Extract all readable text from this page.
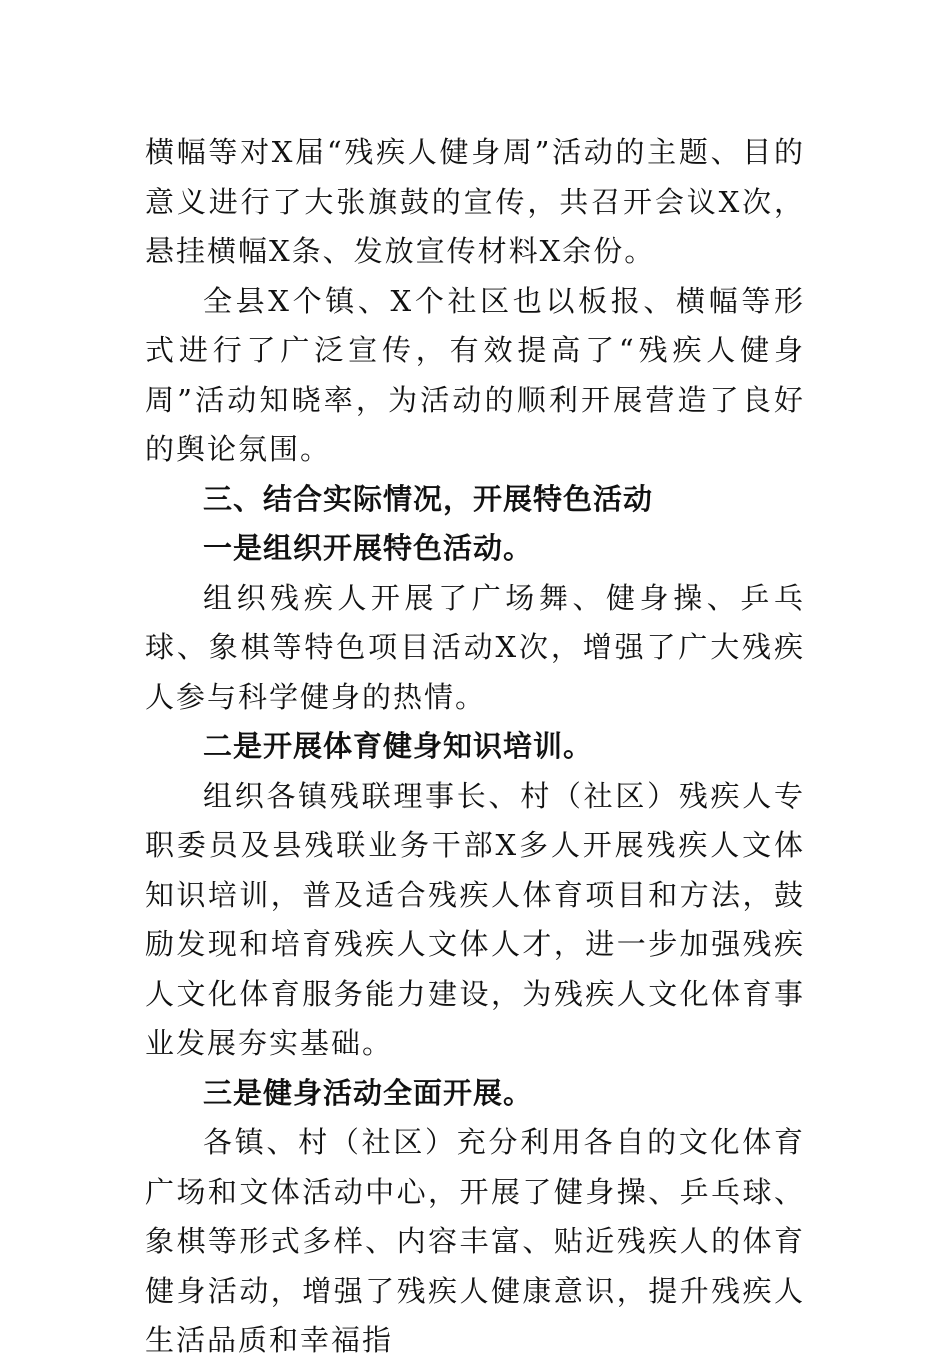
横幅等对X届“残疾人健身周”活动的主题、目的意义进行了大张旗鼓的宣传，共召开会议X次，悬挂横幅X条、发放宣传材料X余份。

全县X个镇、X个社区也以板报、横幅等形式进行了广泛宣传，有效提高了“残疾人健身周”活动知晓率，为活动的顺利开展营造了良好的舆论氛围。

三、结合实际情况，开展特色活动

一是组织开展特色活动。

组织残疾人开展了广场舞、健身操、乒乓球、象棋等特色项目活动X次，增强了广大残疾人参与科学健身的热情。

二是开展体育健身知识培训。

组织各镇残联理事长、村（社区）残疾人专职委员及县残联业务干部X多人开展残疾人文体知识培训，普及适合残疾人体育项目和方法，鼓励发现和培育残疾人文体人才，进一步加强残疾人文化体育服务能力建设，为残疾人文化体育事业发展夯实基础。

三是健身活动全面开展。

各镇、村（社区）充分利用各自的文化体育广场和文体活动中心，开展了健身操、乒乓球、象棋等形式多样、内容丰富、贴近残疾人的体育健身活动，增强了残疾人健康意识，提升残疾人生活品质和幸福指
